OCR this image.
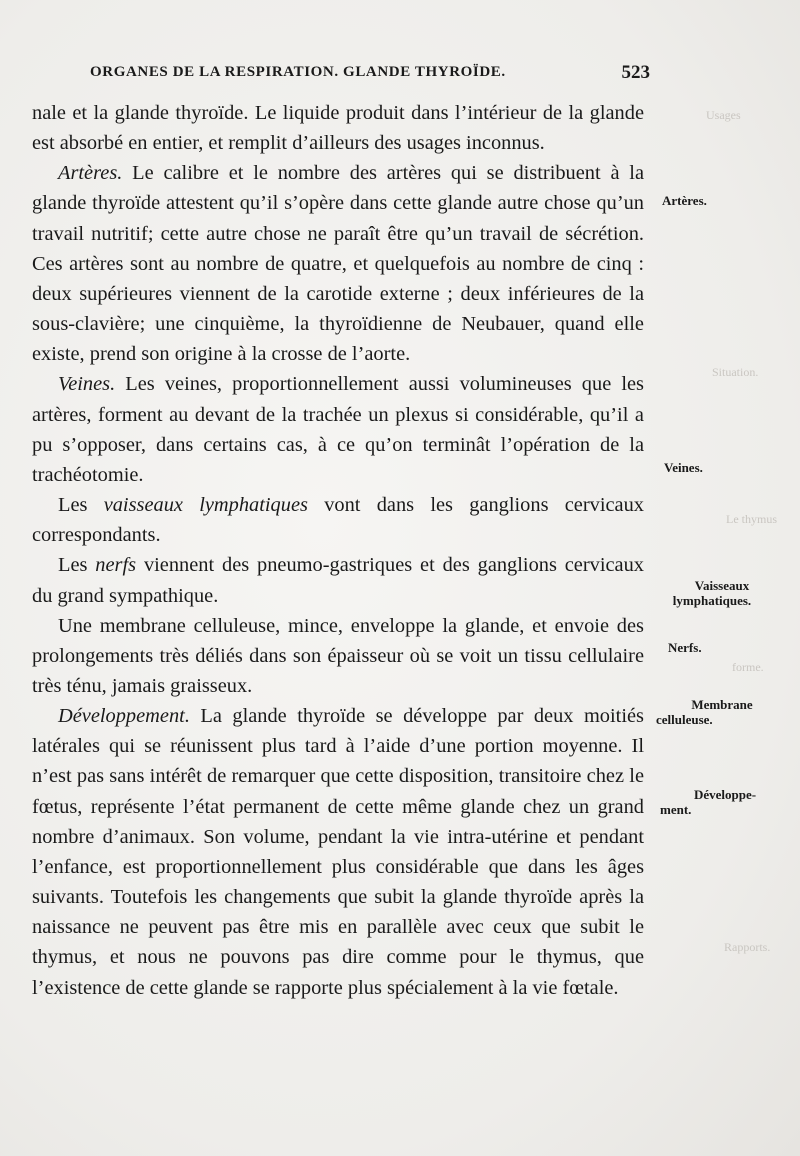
ORGANES DE LA RESPIRATION. GLANDE THYROÏDE.	523

nale et la glande thyroïde. Le liquide produit dans l’intérieur de la glande est absorbé en entier, et remplit d’ailleurs des usages inconnus.

Artères. Le calibre et le nombre des artères qui se distribuent à la glande thyroïde attestent qu’il s’opère dans cette glande autre chose qu’un travail nutritif; cette autre chose ne paraît être qu’un travail de sécrétion. Ces artères sont au nombre de quatre, et quelquefois au nombre de cinq : deux supérieures viennent de la carotide externe ; deux inférieures de la sous-clavière; une cinquième, la thyroïdienne de Neubauer, quand elle existe, prend son origine à la crosse de l’aorte.

Veines. Les veines, proportionnellement aussi volumineuses que les artères, forment au devant de la trachée un plexus si considérable, qu’il a pu s’opposer, dans certains cas, à ce qu’on terminât l’opération de la trachéotomie.

Les vaisseaux lymphatiques vont dans les ganglions cervicaux correspondants.

Les nerfs viennent des pneumo-gastriques et des ganglions cervicaux du grand sympathique.

Une membrane celluleuse, mince, enveloppe la glande, et envoie des prolongements très déliés dans son épaisseur où se voit un tissu cellulaire très ténu, jamais graisseux.

Développement. La glande thyroïde se développe par deux moitiés latérales qui se réunissent plus tard à l’aide d’une portion moyenne. Il n’est pas sans intérêt de remarquer que cette disposition, transitoire chez le fœtus, représente l’état permanent de cette même glande chez un grand nombre d’animaux. Son volume, pendant la vie intra-utérine et pendant l’enfance, est proportionnellement plus considérable que dans les âges suivants. Toutefois les changements que subit la glande thyroïde après la naissance ne peuvent pas être mis en parallèle avec ceux que subit le thymus, et nous ne pouvons pas dire comme pour le thymus, que l’existence de cette glande se rapporte plus spécialement à la vie fœtale.

Artères.
Veines.
Vaisseaux
lymphatiques.
Nerfs.
Membrane
celluleuse.
Développe-
ment.
Usages
Situation.
Le thymus
forme.
Rapports.
